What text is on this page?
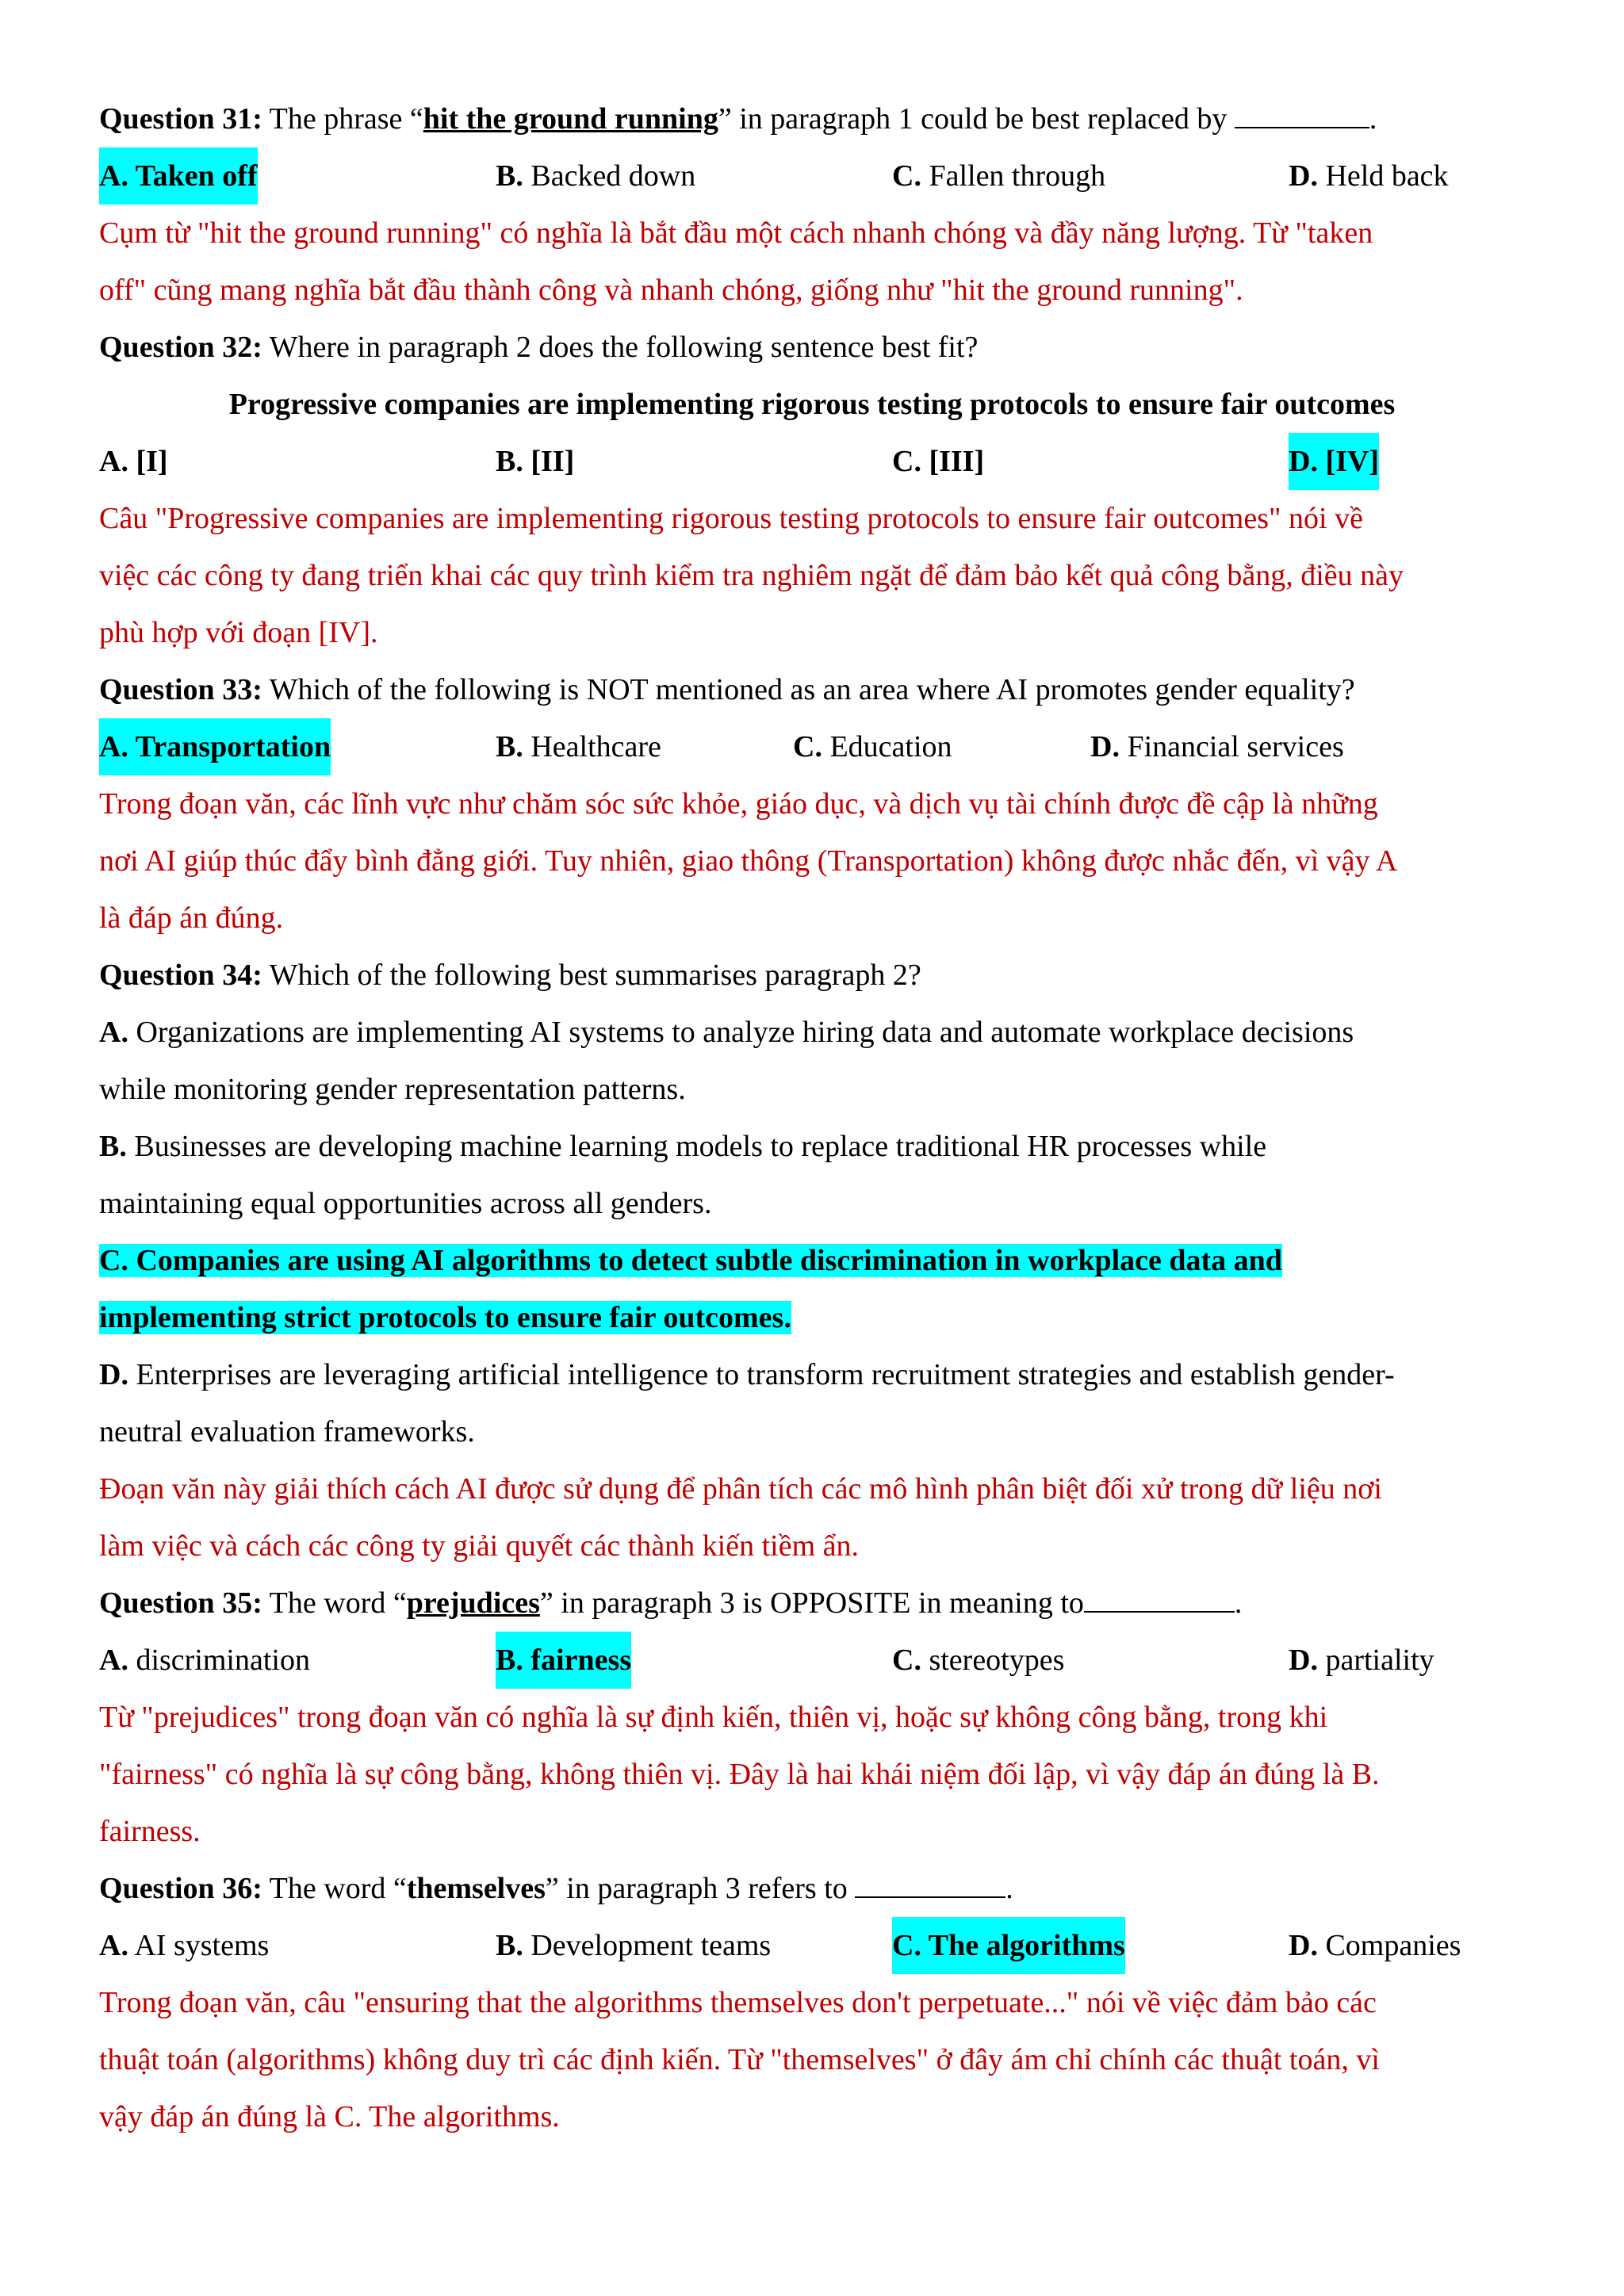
Question 31: The phrase “hit the ground running” in paragraph 1 could be best replaced by	.
A. Taken off	B. Backed down	C. Fallen through	D. Held back
Cụm từ "hit the ground running" có nghĩa là bắt đầu một cách nhanh chóng và đầy năng lượng. Từ "taken
off" cũng mang nghĩa bắt đầu thành công và nhanh chóng, giống như "hit the ground running".
Question 32: Where in paragraph 2 does the following sentence best fit?
Progressive companies are implementing rigorous testing protocols to ensure fair outcomes
A. [I]	B. [II]	C. [III]	D. [IV]
Câu "Progressive companies are implementing rigorous testing protocols to ensure fair outcomes" nói về
việc các công ty đang triển khai các quy trình kiểm tra nghiêm ngặt để đảm bảo kết quả công bằng, điều này
phù hợp với đoạn [IV].
Question 33: Which of the following is NOT mentioned as an area where AI promotes gender equality?
A. Transportation	B. Healthcare	C. Education	D. Financial services
Trong đoạn văn, các lĩnh vực như chăm sóc sức khỏe, giáo dục, và dịch vụ tài chính được đề cập là những
nơi AI giúp thúc đẩy bình đẳng giới. Tuy nhiên, giao thông (Transportation) không được nhắc đến, vì vậy A
là đáp án đúng.
Question 34: Which of the following best summarises paragraph 2?
A. Organizations are implementing AI systems to analyze hiring data and automate workplace decisions
while monitoring gender representation patterns.
B. Businesses are developing machine learning models to replace traditional HR processes while
maintaining equal opportunities across all genders.
C. Companies are using AI algorithms to detect subtle discrimination in workplace data and
implementing strict protocols to ensure fair outcomes.
D. Enterprises are leveraging artificial intelligence to transform recruitment strategies and establish gender-
neutral evaluation frameworks.
Đoạn văn này giải thích cách AI được sử dụng để phân tích các mô hình phân biệt đối xử trong dữ liệu nơi
làm việc và cách các công ty giải quyết các thành kiến tiềm ẩn.
Question 35: The word “prejudices” in paragraph 3 is OPPOSITE in meaning to	.
A. discrimination	B. fairness	C. stereotypes	D. partiality
Từ "prejudices" trong đoạn văn có nghĩa là sự định kiến, thiên vị, hoặc sự không công bằng, trong khi
"fairness" có nghĩa là sự công bằng, không thiên vị. Đây là hai khái niệm đối lập, vì vậy đáp án đúng là B.
fairness.
Question 36: The word “themselves” in paragraph 3 refers to	.
A. AI systems	B. Development teams	C. The algorithms	D. Companies
Trong đoạn văn, câu "ensuring that the algorithms themselves don't perpetuate..." nói về việc đảm bảo các
thuật toán (algorithms) không duy trì các định kiến. Từ "themselves" ở đây ám chỉ chính các thuật toán, vì
vậy đáp án đúng là C. The algorithms.
